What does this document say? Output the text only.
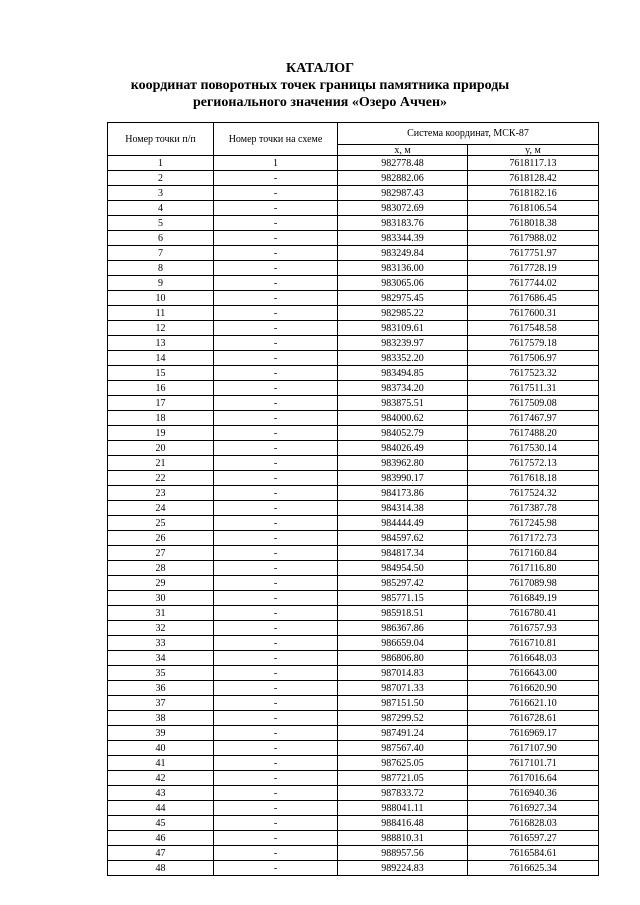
КАТАЛОГ
координат поворотных точек границы памятника природы
регионального значения «Озеро Аччен»
Номер точки п/п	Номер точки на схеме	Система координат, МСК-87	
		x, м	y, м
1	1	982778.48	7618117.13
2	-	982882.06	7618128.42
3	-	982987.43	7618182.16
4	-	983072.69	7618106.54
5	-	983183.76	7618018.38
6	-	983344.39	7617988.02
7	-	983249.84	7617751.97
8	-	983136.00	7617728.19
9	-	983065.06	7617744.02
10	-	982975.45	7617686.45
11	-	982985.22	7617600.31
12	-	983109.61	7617548.58
13	-	983239.97	7617579.18
14	-	983352.20	7617506.97
15	-	983494.85	7617523.32
16	-	983734.20	7617511.31
17	-	983875.51	7617509.08
18	-	984000.62	7617467.97
19	-	984052.79	7617488.20
20	-	984026.49	7617530.14
21	-	983962.80	7617572.13
22	-	983990.17	7617618.18
23	-	984173.86	7617524.32
24	-	984314.38	7617387.78
25	-	984444.49	7617245.98
26	-	984597.62	7617172.73
27	-	984817.34	7617160.84
28	-	984954.50	7617116.80
29	-	985297.42	7617089.98
30	-	985771.15	7616849.19
31	-	985918.51	7616780.41
32	-	986367.86	7616757.93
33	-	986659.04	7616710.81
34	-	986806.80	7616648.03
35	-	987014.83	7616643.00
36	-	987071.33	7616620.90
37	-	987151.50	7616621.10
38	-	987299.52	7616728.61
39	-	987491.24	7616969.17
40	-	987567.40	7617107.90
41	-	987625.05	7617101.71
42	-	987721.05	7617016.64
43	-	987833.72	7616940.36
44	-	988041.11	7616927.34
45	-	988416.48	7616828.03
46	-	988810.31	7616597.27
47	-	988957.56	7616584.61
48	-	989224.83	7616625.34
